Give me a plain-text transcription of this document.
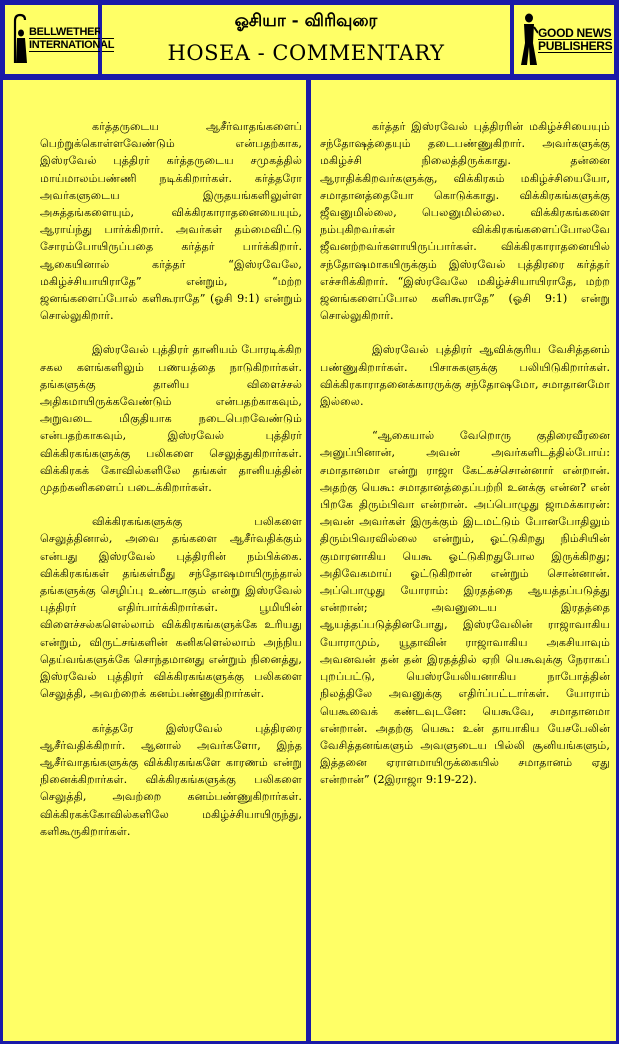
BELLWETHER
INTERNATIONAL
ஓசியா - விரிவுரை
HOSEA - COMMENTARY
GOOD NEWS
PUBLISHERS

கர்த்தருடைய ஆசீர்வாதங்களைப் பெற்றுக்கொள்ளவேண்டும் என்பதற்காக, இஸ்ரவேல் புத்திரர் கர்த்தருடைய சமுகத்தில் மாய்மாலம்பண்ணி நடிக்கிறார்கள். கர்த்தரோ அவர்களுடைய இருதயங்களிலுள்ள அசுத்தங்களையும், விக்கிரகாராதனையையும், ஆராய்ந்து பார்க்கிறார். அவர்கள் தம்மைவிட்டு சோரம்போயிருப்பதை கர்த்தர் பார்க்கிறார். ஆகையினால் கர்த்தர் “இஸ்ரவேலே, மகிழ்ச்சியாயிராதே” என்றும், “மற்ற ஜனங்களைப்போல் களிகூராதே” (ஓசி 9:1) என்றும் சொல்லுகிறார்.

இஸ்ரவேல் புத்திரர் தானியம் போரடிக்கிற சகல களங்களிலும் பணயத்தை நாடுகிறார்கள். தங்களுக்கு தானிய விளைச்சல் அதிகமாயிருக்கவேண்டும் என்பதற்காகவும், அறுவடை மிகுதியாக நடைபெறவேண்டும் என்பதற்காகவும், இஸ்ரவேல் புத்திரர் விக்கிரகங்களுக்கு பலிகளை செலுத்துகிறார்கள். விக்கிரகக் கோவில்களிலே தங்கள் தானியத்தின் முதற்கனிகளைப் படைக்கிறார்கள்.

விக்கிரகங்களுக்கு பலிகளை செலுத்தினால், அவை தங்களை ஆசீர்வதிக்கும் என்பது இஸ்ரவேல் புத்திரரின் நம்பிக்கை. விக்கிரகங்கள் தங்கள்மீது சந்தோஷமாயிருந்தால் தங்களுக்கு செழிப்பு உண்டாகும் என்று இஸ்ரவேல் புத்திரர் எதிர்பார்க்கிறார்கள். பூமியின் விளைச்சல்களெல்லாம் விக்கிரகங்களுக்கே உரியது என்றும், விருட்சங்களின் கனிகளெல்லாம் அந்நிய தெய்வங்களுக்கே சொந்தமானது என்றும் நினைத்து, இஸ்ரவேல் புத்திரர் விக்கிரகங்களுக்கு பலிகளை செலுத்தி, அவற்றைக் கனம்பண்ணுகிறார்கள்.

கர்த்தரே இஸ்ரவேல் புத்திரரை ஆசீர்வதிக்கிறார். ஆனால் அவர்களோ, இந்த ஆசீர்வாதங்களுக்கு விக்கிரகங்களே காரணம் என்று நினைக்கிறார்கள். விக்கிரகங்களுக்கு பலிகளை செலுத்தி, அவற்றை கனம்பண்ணுகிறார்கள். விக்கிரகக்கோவில்களிலே மகிழ்ச்சியாயிருந்து, களிகூருகிறார்கள்.

கர்த்தர் இஸ்ரவேல் புத்திரரின் மகிழ்ச்சியையும் சந்தோஷத்தையும் தடைபண்ணுகிறார். அவர்களுக்கு மகிழ்ச்சி நிலைத்திருக்காது. தன்னை ஆராதிக்கிறவர்களுக்கு, விக்கிரகம் மகிழ்ச்சியையோ, சமாதானத்தையோ கொடுக்காது. விக்கிரகங்களுக்கு ஜீவனுமில்லை, பெலனுமில்லை. விக்கிரகங்களை நம்புகிறவர்கள் விக்கிரகங்களைப்போலவே ஜீவனற்றவர்களாயிருப்பார்கள். விக்கிரகாராதனையில் சந்தோஷமாகயிருக்கும் இஸ்ரவேல் புத்திரரை கர்த்தர் எச்சரிக்கிறார். “இஸ்ரவேலே மகிழ்ச்சியாயிராதே, மற்ற ஜனங்களைப்போல களிகூராதே” (ஓசி 9:1) என்று சொல்லுகிறார்.

இஸ்ரவேல் புத்திரர் ஆவிக்குரிய வேசித்தனம் பண்ணுகிறார்கள். பிசாசுகளுக்கு பலியிடுகிறார்கள். விக்கிரகாராதனைக்காரருக்கு சந்தோஷமோ, சமாதானமோ இல்லை.

“ஆகையால் வேறொரு குதிரைவீரனை அனுப்பினான், அவன் அவர்களிடத்தில்போய்: சமாதானமா என்று ராஜா கேட்கச்சொன்னார் என்றான். அதற்கு யெகூ: சமாதானத்தைப்பற்றி உனக்கு என்ன? என் பிறகே திரும்பிவா என்றான். அப்பொழுது ஜாமக்காரன்: அவன் அவர்கள் இருக்கும் இடமட்டும் போனபோதிலும் திரும்பிவரவில்லை என்றும், ஓட்டுகிறது நிம்சியின் குமாரனாகிய யெகூ ஓட்டுகிறதுபோல இருக்கிறது; அதிவேகமாய் ஓட்டுகிறான் என்றும் சொன்னான். அப்பொழுது யோராம்: இரதத்தை ஆயத்தப்படுத்து என்றான்; அவனுடைய இரதத்தை ஆயத்தப்படுத்தினபோது, இஸ்ரவேலின் ராஜாவாகிய யோராமும், யூதாவின் ராஜாவாகிய அகசியாவும் அவனவன் தன் தன் இரதத்தில் ஏறி யெகூவுக்கு நேராகப் புறப்பட்டு, யெஸ்ரயேலியனாகிய நாபோத்தின் நிலத்திலே அவனுக்கு எதிர்ப்பட்டார்கள். யோராம் யெகூவைக் கண்டவுடனே: யெகூவே, சமாதானமா என்றான். அதற்கு யெகூ: உன் தாயாகிய யேசபேலின் வேசித்தனங்களும் அவளுடைய பில்லி சூனியங்களும், இத்தனை ஏராளமாயிருக்கையில் சமாதானம் ஏது என்றான்” (2இராஜா 9:19-22).
